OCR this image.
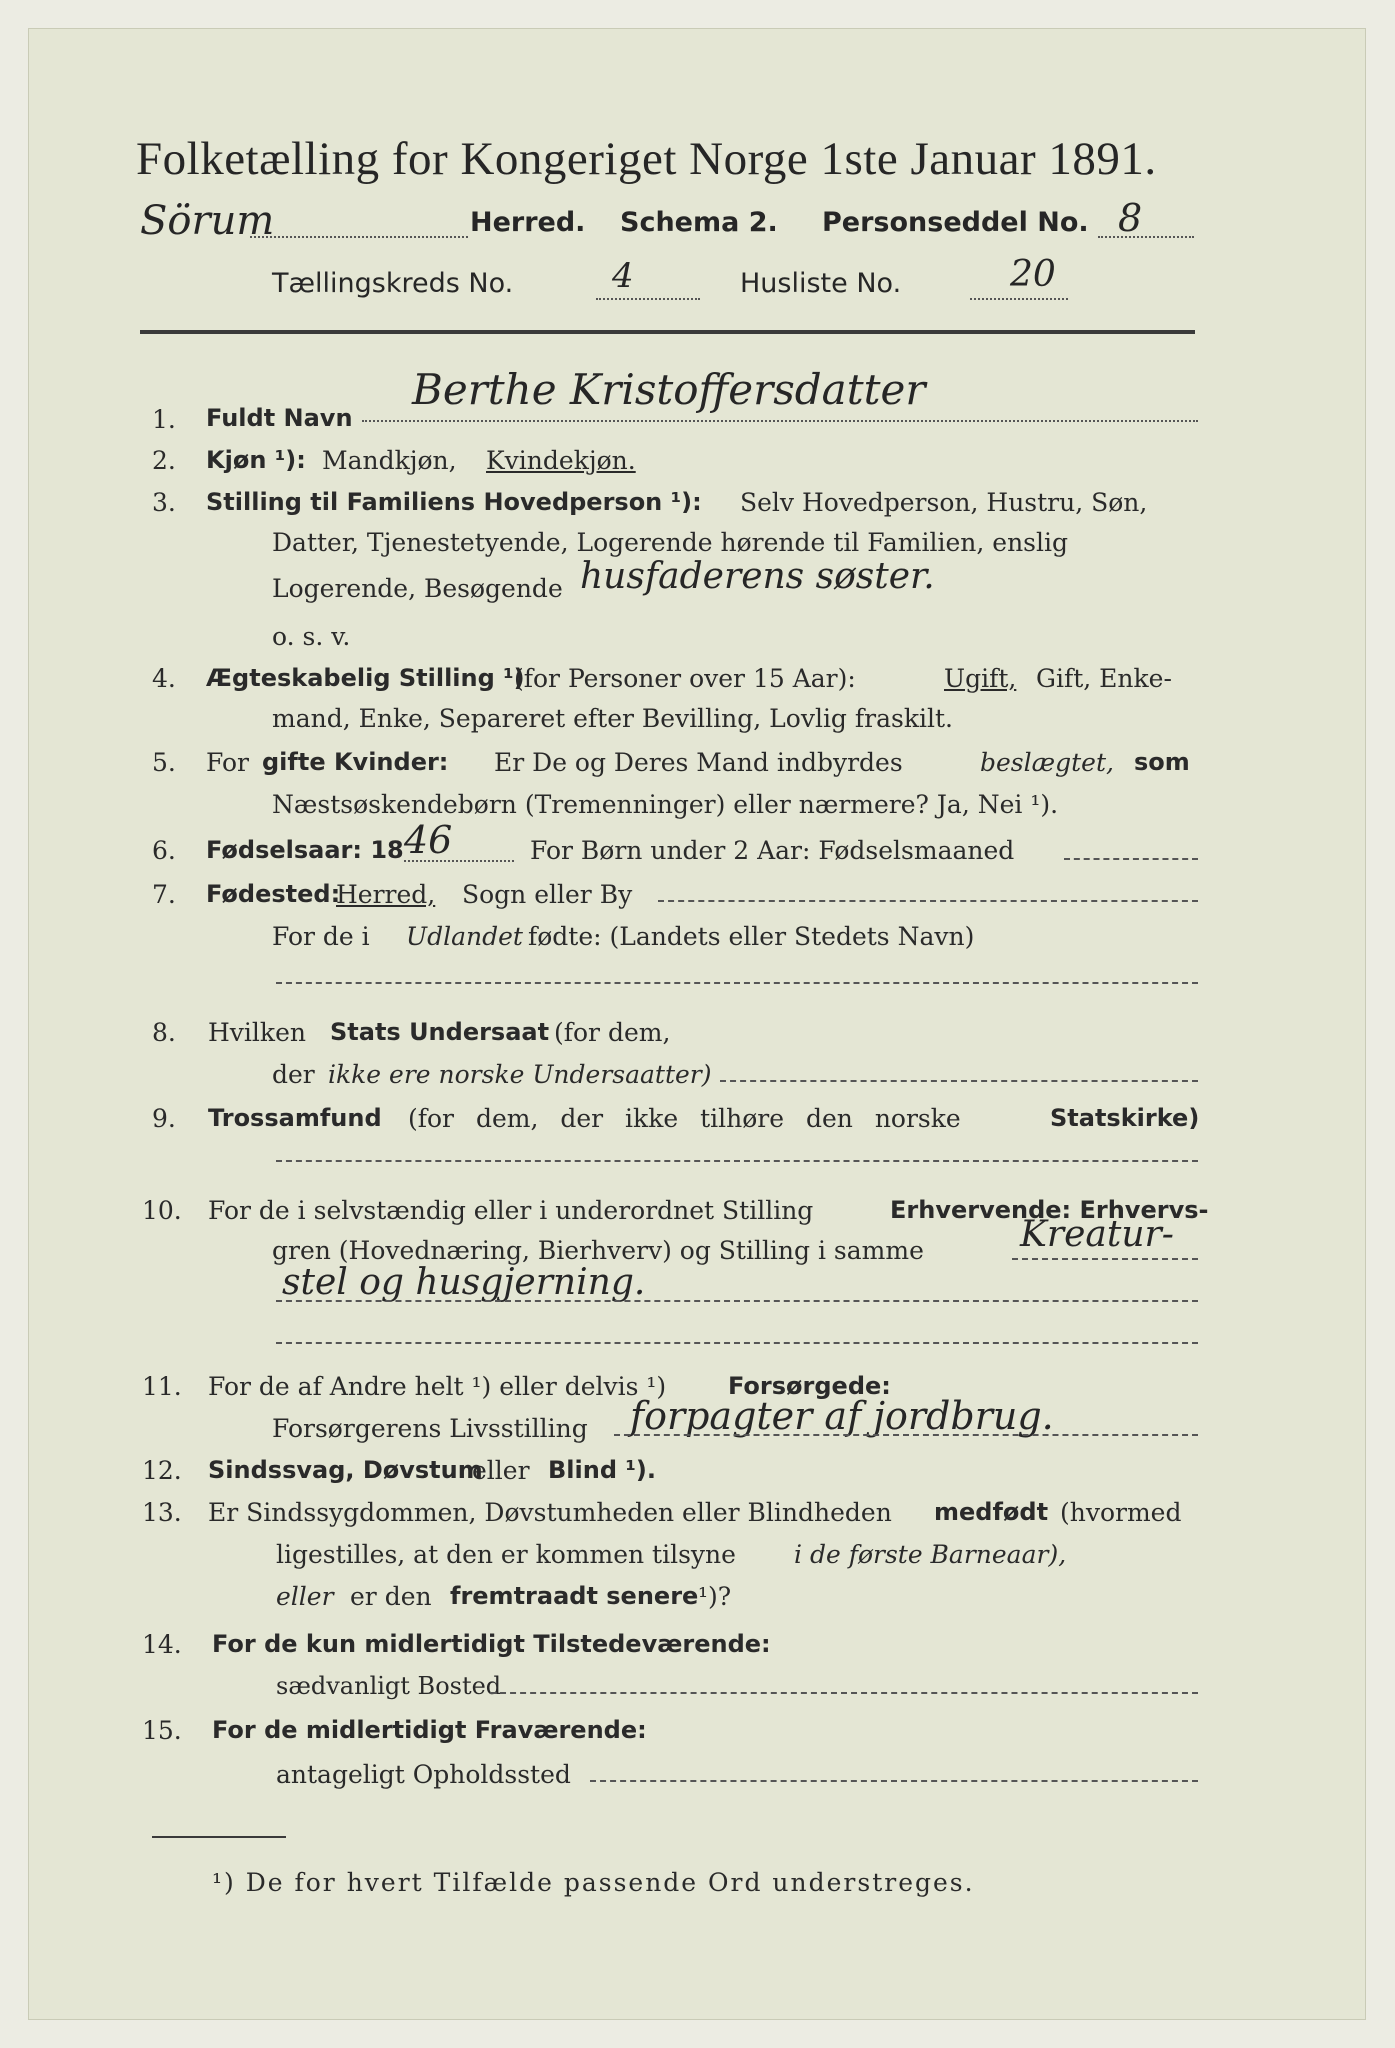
Folketælling for Kongeriget Norge 1ste Januar 1891.
Sörum	Herred. Schema 2. Personseddel No. 8
Tællingskreds No.	4	Husliste No.	20
1. Fuldt Navn
Berthe Kristoffersdatter
2. Kjøn ¹): Mandkjøn, Kvindekjøn.
3. Stilling til Familiens Hovedperson ¹): Selv Hovedperson, Hustru, Søn,
Datter, Tjenestetyende, Logerende hørende til Familien, enslig
Logerende, Besøgende husfaderens søster.
o. s. v.
4. Ægteskabelig Stilling ¹)
(for Personer over 15 Aar):	Ugift, Gift, Enke-
mand, Enke, Separeret efter Bevilling, Lovlig fraskilt.
5. For gifte Kvinder: Er De og Deres Mand indbyrdes	beslægtet, som
Næstsøskendebørn (Tremenninger) eller nærmere? Ja, Nei ¹).
6. Fødselsaar: 18 46	For Børn under 2 Aar: Fødselsmaaned
7. Fødested:
Herred, Sogn eller By
For de i Udlandet fødte: (Landets eller Stedets Navn)
8. Hvilken Stats Undersaat (for dem,
der ikke ere norske Undersaatter)
9. Trossamfund (for dem, der ikke tilhøre den norske	Statskirke)
10. For de i selvstændig eller i underordnet Stilling	Erhvervende: Erhvervs-
gren (Hovednæring, Bierhverv) og Stilling i samme	Kreatur-
stel og husgjerning.
11. For de af Andre helt ¹) eller delvis ¹)	Forsørgede:
Forsørgerens Livsstilling forpagter af jordbrug.
12. Sindssvag, Døvstum
eller Blind ¹).
13. Er Sindssygdommen, Døvstumheden eller Blindheden medfødt (hvormed
ligestilles, at den er kommen tilsyne i de første Barneaar),
eller er den fremtraadt senere ¹)?
14. For de kun midlertidigt Tilstedeværende:
sædvanligt Bosted
15. For de midlertidigt Fraværende:
antageligt Opholdssted
¹) De for hvert Tilfælde passende Ord understreges.
